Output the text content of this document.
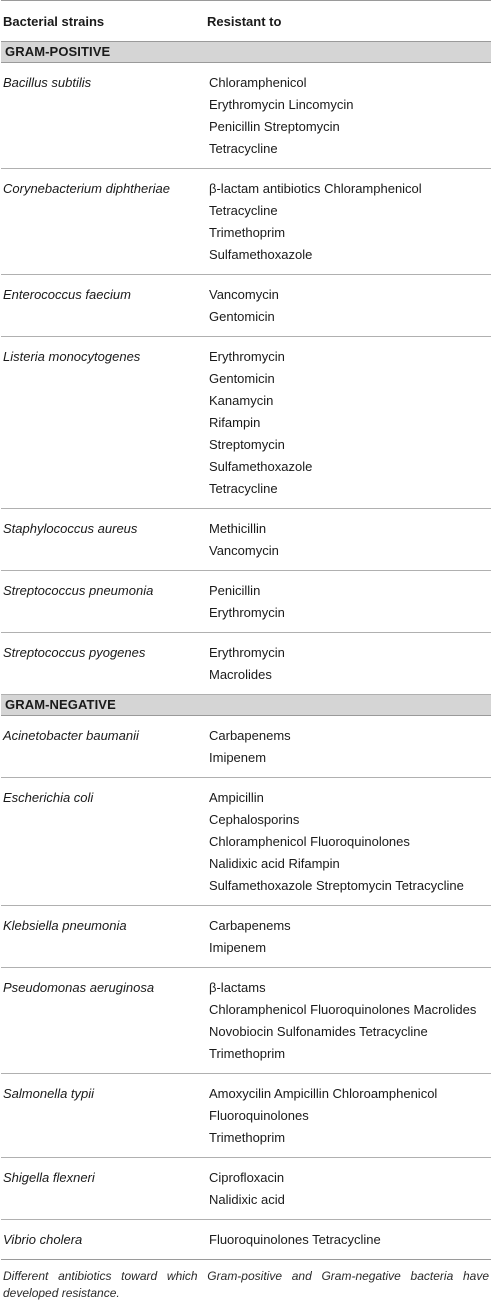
Bacterial strains	Resistant to
GRAM-POSITIVE
Bacillus subtilis	Chloramphenicol
Erythromycin Lincomycin
Penicillin Streptomycin
Tetracycline
Corynebacterium diphtheriae	β-lactam antibiotics Chloramphenicol
Tetracycline
Trimethoprim
Sulfamethoxazole
Enterococcus faecium	Vancomycin
Gentomicin
Listeria monocytogenes	Erythromycin
Gentomicin
Kanamycin
Rifampin
Streptomycin
Sulfamethoxazole
Tetracycline
Staphylococcus aureus	Methicillin
Vancomycin
Streptococcus pneumonia	Penicillin
Erythromycin
Streptococcus pyogenes	Erythromycin
Macrolides
GRAM-NEGATIVE
Acinetobacter baumanii	Carbapenems
Imipenem
Escherichia coli	Ampicillin
Cephalosporins
Chloramphenicol Fluoroquinolones
Nalidixic acid Rifampin
Sulfamethoxazole Streptomycin Tetracycline
Klebsiella pneumonia	Carbapenems
Imipenem
Pseudomonas aeruginosa	β-lactams
Chloramphenicol Fluoroquinolones Macrolides
Novobiocin Sulfonamides Tetracycline
Trimethoprim
Salmonella typii	Amoxycilin Ampicillin Chloroamphenicol
Fluoroquinolones
Trimethoprim
Shigella flexneri	Ciprofloxacin
Nalidixic acid
Vibrio cholera	Fluoroquinolones Tetracycline
Different antibiotics toward which Gram-positive and Gram-negative bacteria have developed resistance.
